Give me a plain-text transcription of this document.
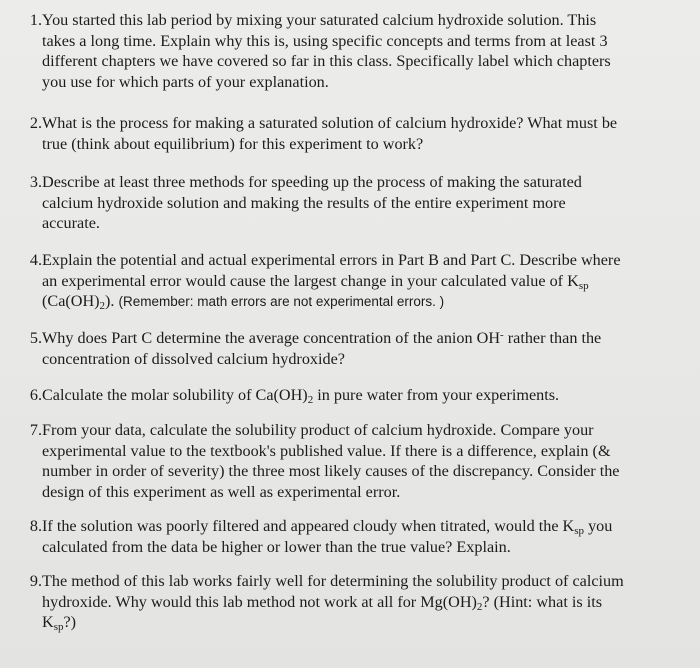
1. You started this lab period by mixing your saturated calcium hydroxide solution. This
takes a long time. Explain why this is, using specific concepts and terms from at least 3
different chapters we have covered so far in this class. Specifically label which chapters
you use for which parts of your explanation.
2. What is the process for making a saturated solution of calcium hydroxide? What must be
true (think about equilibrium) for this experiment to work?
3. Describe at least three methods for speeding up the process of making the saturated
calcium hydroxide solution and making the results of the entire experiment more
accurate.
4. Explain the potential and actual experimental errors in Part B and Part C. Describe where
an experimental error would cause the largest change in your calculated value of $K_{sp}$
$(Ca(OH)_2)$. (Remember: math errors are not experimental errors. )
5. Why does Part C determine the average concentration of the anion OH- rather than the
concentration of dissolved calcium hydroxide?
6. Calculate the molar solubility of $Ca(OH)_2$ in pure water from your experiments.
7. From your data, calculate the solubility product of calcium hydroxide. Compare your
experimental value to the textbook's published value. If there is a difference, explain (&
number in order of severity) the three most likely causes of the discrepancy. Consider the
design of this experiment as well as experimental error.
8. If the solution was poorly filtered and appeared cloudy when titrated, would the $K_{sp}$ you
calculated from the data be higher or lower than the true value? Explain.
9. The method of this lab works fairly well for determining the solubility product of calcium
hydroxide. Why would this lab method not work at all for $Mg(OH)_2$? (Hint: what is its
$K_{sp}$?)
